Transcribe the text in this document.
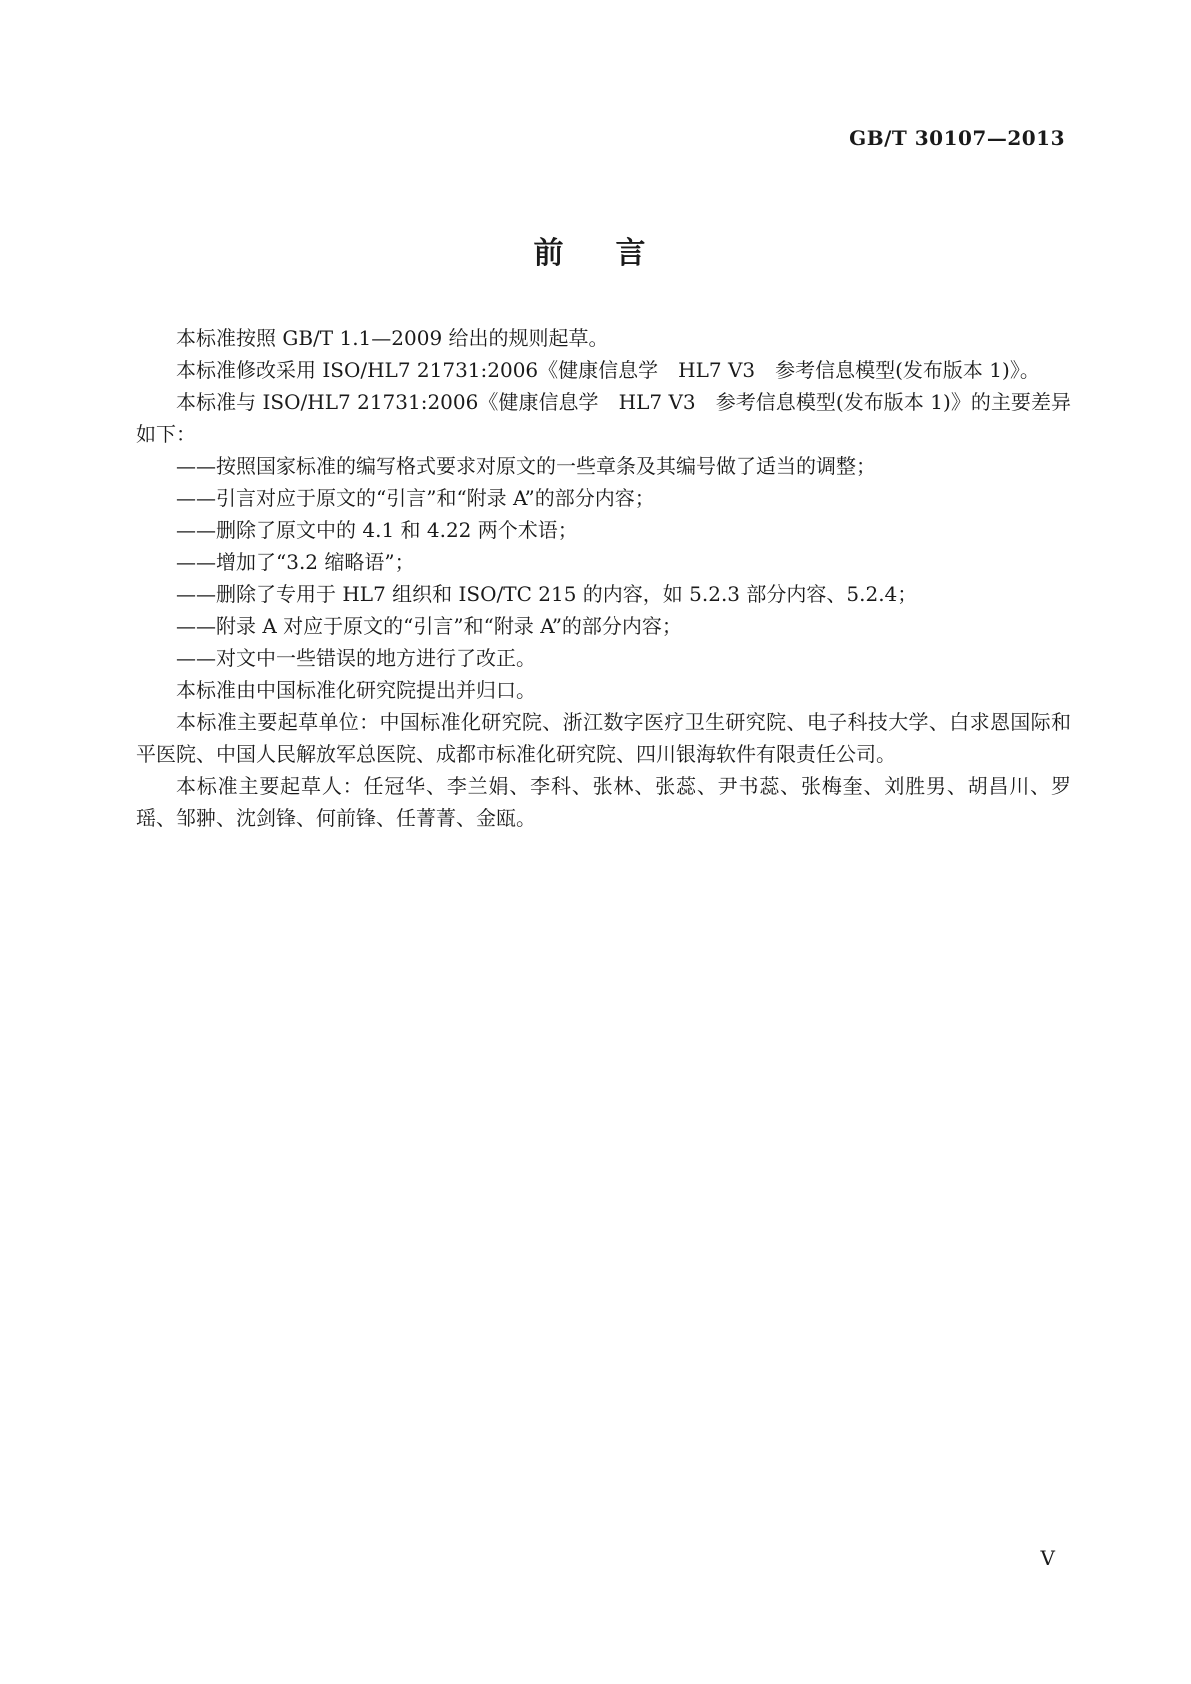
GB/T 30107—2013
前言

本标准按照 GB/T 1.1—2009 给出的规则起草。

本标准修改采用 ISO/HL7 21731:2006《健康信息学　HL7 V3　参考信息模型(发布版本 1)》。

本标准与 ISO/HL7 21731:2006《健康信息学　HL7 V3　参考信息模型(发布版本 1)》的主要差异如下：

——按照国家标准的编写格式要求对原文的一些章条及其编号做了适当的调整；

——引言对应于原文的“引言”和“附录 A”的部分内容；

——删除了原文中的 4.1 和 4.22 两个术语；

——增加了“3.2 缩略语”；

——删除了专用于 HL7 组织和 ISO/TC 215 的内容，如 5.2.3 部分内容、5.2.4；

——附录 A 对应于原文的“引言”和“附录 A”的部分内容；

——对文中一些错误的地方进行了改正。

本标准由中国标准化研究院提出并归口。

本标准主要起草单位：中国标准化研究院、浙江数字医疗卫生研究院、电子科技大学、白求恩国际和平医院、中国人民解放军总医院、成都市标准化研究院、四川银海软件有限责任公司。

本标准主要起草人：任冠华、李兰娟、李科、张林、张蕊、尹书蕊、张梅奎、刘胜男、胡昌川、罗瑶、邹翀、沈剑锋、何前锋、任菁菁、金瓯。

V
